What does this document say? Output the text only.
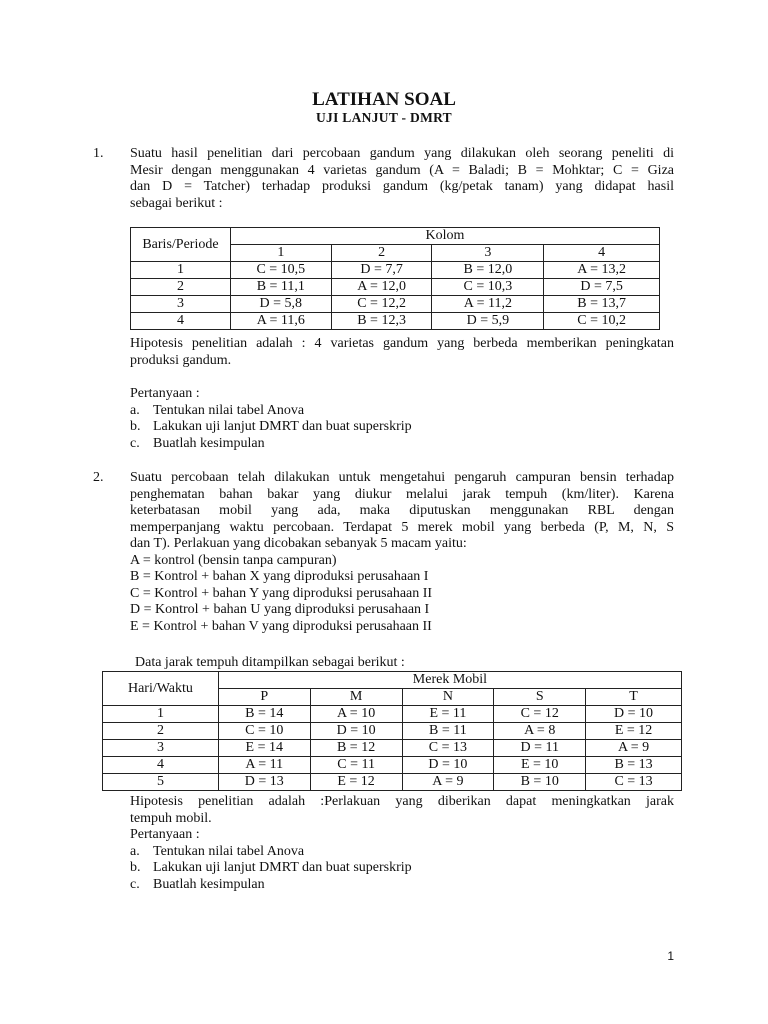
LATIHAN SOAL
UJI LANJUT - DMRT
1. Suatu hasil penelitian dari percobaan gandum yang dilakukan oleh seorang peneliti di
Mesir dengan menggunakan 4 varietas gandum (A = Baladi; B = Mohktar; C = Giza
dan D = Tatcher) terhadap produksi gandum (kg/petak tanam) yang didapat hasil
sebagai berikut :
Baris/Periode	Kolom			
	1	2	3	4
1	C = 10,5	D = 7,7	B = 12,0	A = 13,2
2	B = 11,1	A = 12,0	C = 10,3	D = 7,5
3	D = 5,8	C = 12,2	A = 11,2	B = 13,7
4	A = 11,6	B = 12,3	D = 5,9	C = 10,2
Hipotesis penelitian adalah : 4 varietas gandum yang berbeda memberikan peningkatan
produksi gandum.
Pertanyaan :
a. Tentukan nilai tabel Anova
b. Lakukan uji lanjut DMRT dan buat superskrip
c. Buatlah kesimpulan
2. Suatu percobaan telah dilakukan untuk mengetahui pengaruh campuran bensin terhadap
penghematan bahan bakar yang diukur melalui jarak tempuh (km/liter). Karena
keterbatasan mobil yang ada, maka diputuskan menggunakan RBL dengan
memperpanjang waktu percobaan. Terdapat 5 merek mobil yang berbeda (P, M, N, S
dan T). Perlakuan yang dicobakan sebanyak 5 macam yaitu:
A = kontrol (bensin tanpa campuran)
B = Kontrol + bahan X yang diproduksi perusahaan I
C = Kontrol + bahan Y yang diproduksi perusahaan II
D = Kontrol + bahan U yang diproduksi perusahaan I
E = Kontrol + bahan V yang diproduksi perusahaan II
Data jarak tempuh ditampilkan sebagai berikut :
Hari/Waktu	Merek Mobil				
	P	M	N	S	T
1	B = 14	A = 10	E = 11	C = 12	D = 10
2	C = 10	D = 10	B = 11	A = 8	E = 12
3	E = 14	B = 12	C = 13	D = 11	A = 9
4	A = 11	C = 11	D = 10	E = 10	B = 13
5	D = 13	E = 12	A = 9	B = 10	C = 13
Hipotesis penelitian adalah :Perlakuan yang diberikan dapat meningkatkan jarak
tempuh mobil.
Pertanyaan :
a. Tentukan nilai tabel Anova
b. Lakukan uji lanjut DMRT dan buat superskrip
c. Buatlah kesimpulan
1
